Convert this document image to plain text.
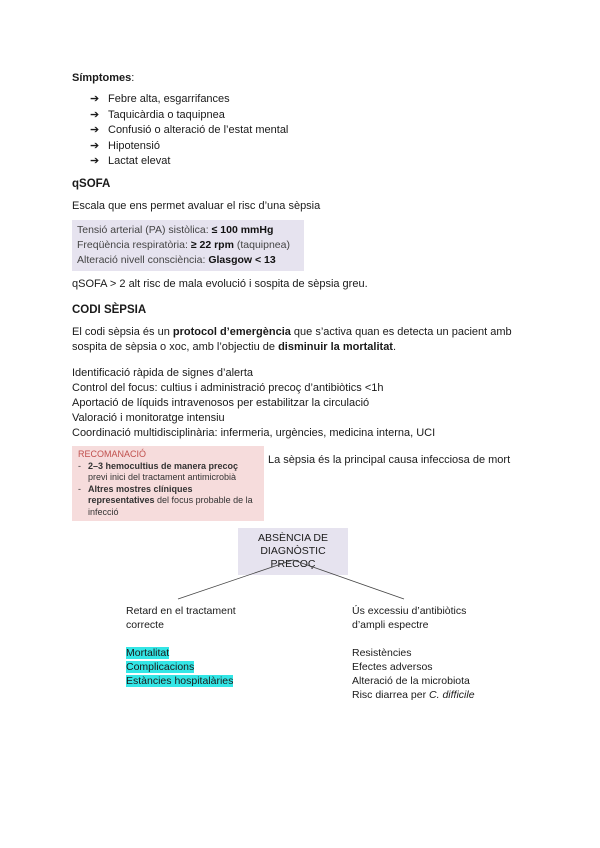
Símptomes:
➔ Febre alta, esgarrifances
➔ Taquicàrdia o taquipnea
➔ Confusió o alteració de l’estat mental
➔ Hipotensió
➔ Lactat elevat
qSOFA
Escala que ens permet avaluar el risc d’una sèpsia
Tensió arterial (PA) sistòlica: ≤ 100 mmHg
Freqüència respiratòria: ≥ 22 rpm (taquipnea)
Alteració nivell consciència: Glasgow < 13
qSOFA > 2 alt risc de mala evolució i sospita de sèpsia greu.
CODI SÈPSIA
El codi sèpsia és un protocol d’emergència que s’activa quan es detecta un pacient amb sospita de sèpsia o xoc, amb l’objectiu de disminuir la mortalitat.
Identificació ràpida de signes d’alerta
Control del focus: cultius i administració precoç d’antibiòtics <1h
Aportació de líquids intravenosos per estabilitzar la circulació
Valoració i monitoratge intensiu
Coordinació multidisciplinària: infermeria, urgències, medicina interna, UCI
RECOMANACIÓ
- 2–3 hemocultius de manera precoç previ inici del tractament antimicrobià
- Altres mostres clíniques representatives del focus probable de la infecció
La sèpsia és la principal causa infecciosa de mort
ABSÈNCIA DE
DIAGNÒSTIC PRECOÇ
Retard en el tractament
correcte
Mortalitat
Complicacions
Estàncies hospitalàries
Ús excessiu d’antibiòtics
d’ampli espectre
Resistències
Efectes adversos
Alteració de la microbiota
Risc diarrea per C. difficile
